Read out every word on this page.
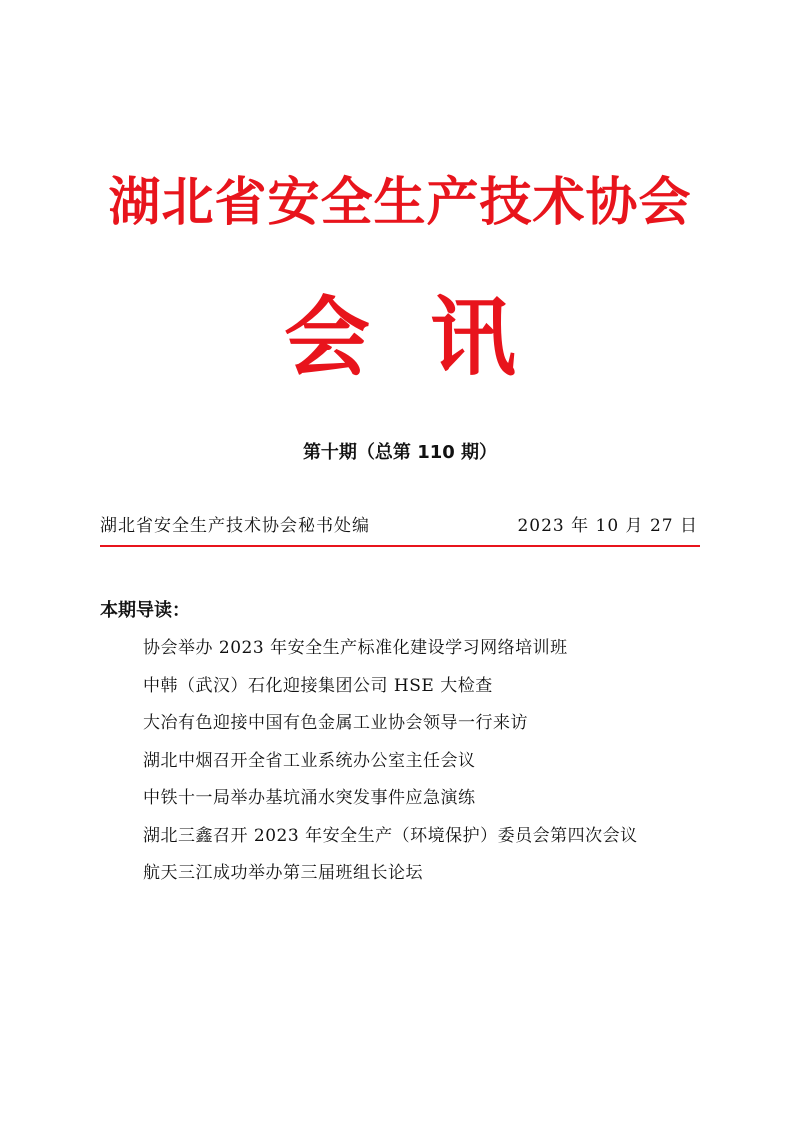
湖北省安全生产技术协会
会讯
第十期（总第 110 期）
湖北省安全生产技术协会秘书处编	2023 年 10 月 27 日
本期导读：
协会举办 2023 年安全生产标准化建设学习网络培训班
中韩（武汉）石化迎接集团公司 HSE 大检查
大冶有色迎接中国有色金属工业协会领导一行来访
湖北中烟召开全省工业系统办公室主任会议
中铁十一局举办基坑涌水突发事件应急演练
湖北三鑫召开 2023 年安全生产（环境保护）委员会第四次会议
航天三江成功举办第三届班组长论坛
